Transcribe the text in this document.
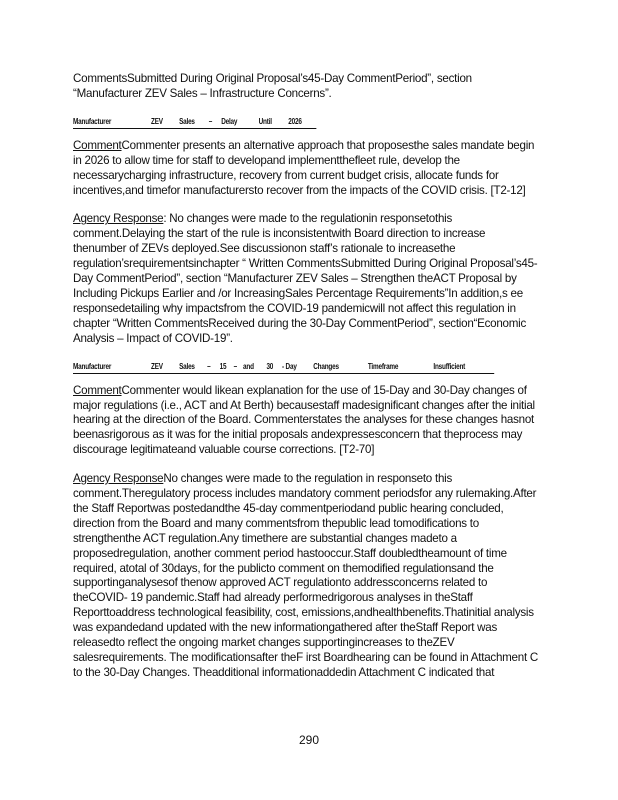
CommentsSubmitted During Original Proposal’s45-Day CommentPeriod”, section “Manufacturer ZEV Sales – Infrastructure Concerns”.

Manufacturer	ZEV	Sales	–	Delay	Until	2026

CommentCommenter presents an alternative approach that proposesthe sales mandate begin in 2026 to allow time for staff to developand implementthefleet rule, develop the necessarycharging infrastructure, recovery from current budget crisis, allocate funds for incentives,and timefor manufacturersto recover from the impacts of the COVID crisis. [T2-12]

Agency Response: No changes were made to the regulationin responsetothis comment.Delaying the start of the rule is inconsistentwith Board direction to increase thenumber of ZEVs deployed.See discussionon staff’s rationale to increasethe regulation’srequirementsinchapter “ Written CommentsSubmitted During Original Proposal’s45-Day CommentPeriod”, section “Manufacturer ZEV Sales – Strengthen theACT Proposal by Including Pickups Earlier and /or IncreasingSales Percentage Requirements”In addition,s ee responsedetailing why impactsfrom the COVID-19 pandemicwill not affect this regulation in chapter “Written CommentsReceived during the 30-Day CommentPeriod”, section“Economic Analysis – Impact of COVID-19”.

Manufacturer	ZEV	Sales	–	15 – and	30	- Day	Changes	Timeframe	Insufficient

CommentCommenter would likean explanation for the use of 15-Day and 30-Day changes of major regulations (i.e., ACT and At Berth) becausestaff madesignificant changes after the initial hearing at the direction of the Board. Commenterstates the analyses for these changes hasnot beenasrigorous as it was for the initial proposals andexpressesconcern that theprocess may discourage legitimateand valuable course corrections. [T2-70]

Agency ResponseNo changes were made to the regulation in responseto this comment.Theregulatory process includes mandatory comment periodsfor any rulemaking.After the Staff Reportwas postedandthe 45-day commentperiodand public hearing concluded, direction from the Board and many commentsfrom thepublic lead tomodifications to strengthenthe ACT regulation.Any timethere are substantial changes madeto a proposedregulation, another comment period hastooccur.Staff doubledtheamount of time required, atotal of 30days, for the publicto comment on themodified regulationsand the supportinganalysesof thenow approved ACT regulationto addressconcerns related to theCOVID- 19 pandemic.Staff had already performedrigorous analyses in theStaff Reporttoaddress technological feasibility, cost, emissions,andhealthbenefits.Thatinitial analysis was expandedand updated with the new informationgathered after theStaff Report was releasedto reflect the ongoing market changes supportingincreases to theZEV salesrequirements. The modificationsafter theF irst Boardhearing can be found in Attachment C to the 30-Day Changes. Theadditional informationaddedin Attachment C indicated that

290
